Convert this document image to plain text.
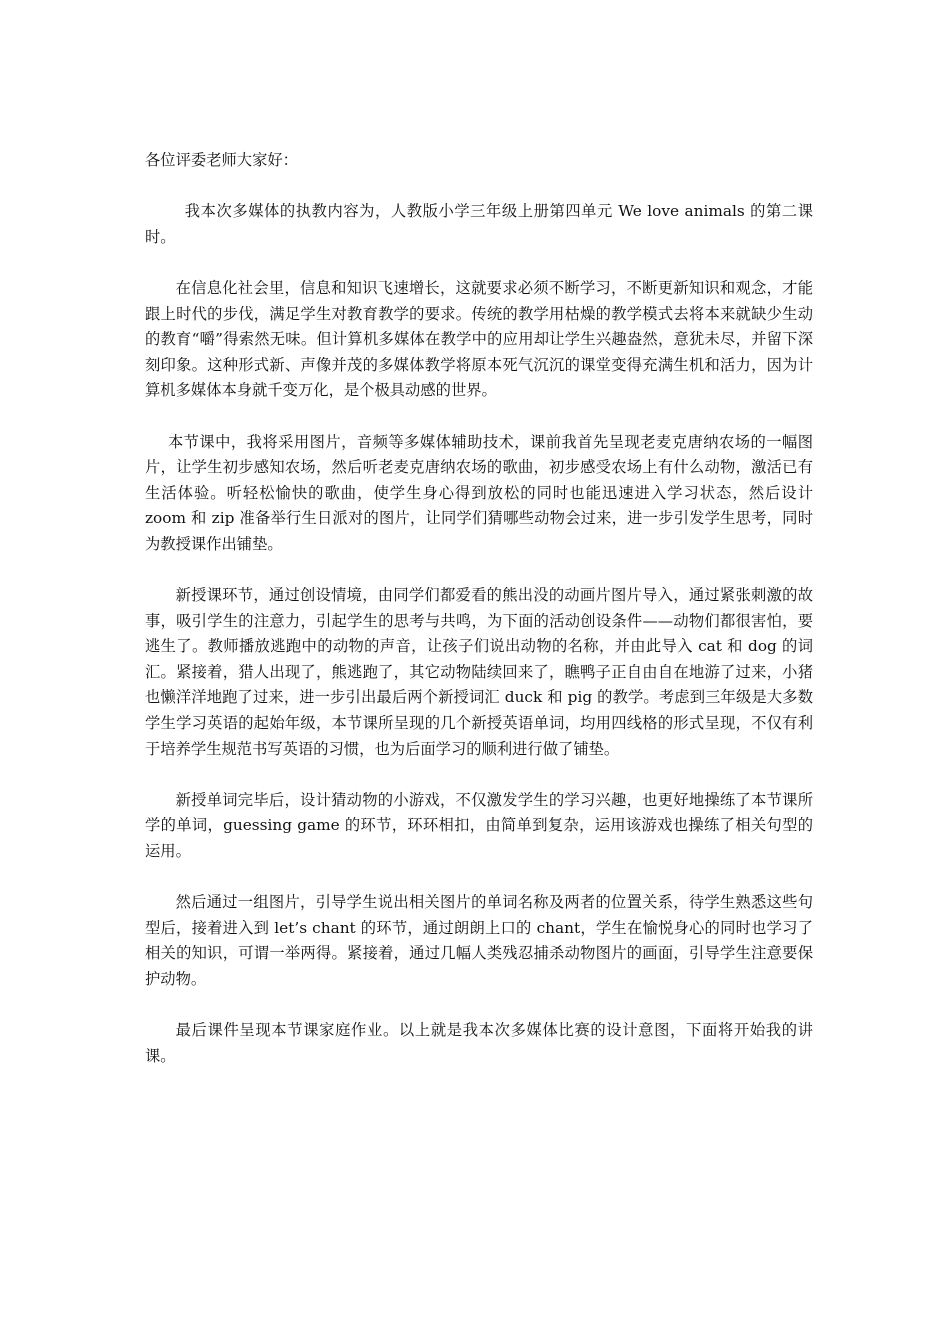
各位评委老师大家好：

我本次多媒体的执教内容为，人教版小学三年级上册第四单元 We love animals 的第二课时。

在信息化社会里，信息和知识飞速增长，这就要求必须不断学习，不断更新知识和观念，才能跟上时代的步伐，满足学生对教育教学的要求。传统的教学用枯燥的教学模式去将本来就缺少生动的教育“嚼”得索然无味。但计算机多媒体在教学中的应用却让学生兴趣盎然，意犹未尽，并留下深刻印象。这种形式新、声像并茂的多媒体教学将原本死气沉沉的课堂变得充满生机和活力，因为计算机多媒体本身就千变万化，是个极具动感的世界。

本节课中，我将采用图片，音频等多媒体辅助技术，课前我首先呈现老麦克唐纳农场的一幅图片，让学生初步感知农场，然后听老麦克唐纳农场的歌曲，初步感受农场上有什么动物，激活已有生活体验。听轻松愉快的歌曲，使学生身心得到放松的同时也能迅速进入学习状态，然后设计 zoom 和 zip 准备举行生日派对的图片，让同学们猜哪些动物会过来，进一步引发学生思考，同时为教授课作出铺垫。

新授课环节，通过创设情境，由同学们都爱看的熊出没的动画片图片导入，通过紧张刺激的故事，吸引学生的注意力，引起学生的思考与共鸣，为下面的活动创设条件——动物们都很害怕，要逃生了。教师播放逃跑中的动物的声音，让孩子们说出动物的名称，并由此导入 cat 和 dog 的词汇。紧接着，猎人出现了，熊逃跑了，其它动物陆续回来了，瞧鸭子正自由自在地游了过来，小猪也懒洋洋地跑了过来，进一步引出最后两个新授词汇 duck 和 pig 的教学。考虑到三年级是大多数学生学习英语的起始年级，本节课所呈现的几个新授英语单词，均用四线格的形式呈现，不仅有利于培养学生规范书写英语的习惯，也为后面学习的顺利进行做了铺垫。

新授单词完毕后，设计猜动物的小游戏，不仅激发学生的学习兴趣，也更好地操练了本节课所学的单词，guessing game 的环节，环环相扣，由简单到复杂，运用该游戏也操练了相关句型的运用。

然后通过一组图片，引导学生说出相关图片的单词名称及两者的位置关系，待学生熟悉这些句型后，接着进入到 let’s chant 的环节，通过朗朗上口的 chant，学生在愉悦身心的同时也学习了相关的知识，可谓一举两得。紧接着，通过几幅人类残忍捕杀动物图片的画面，引导学生注意要保护动物。

最后课件呈现本节课家庭作业。以上就是我本次多媒体比赛的设计意图，下面将开始我的讲课。
